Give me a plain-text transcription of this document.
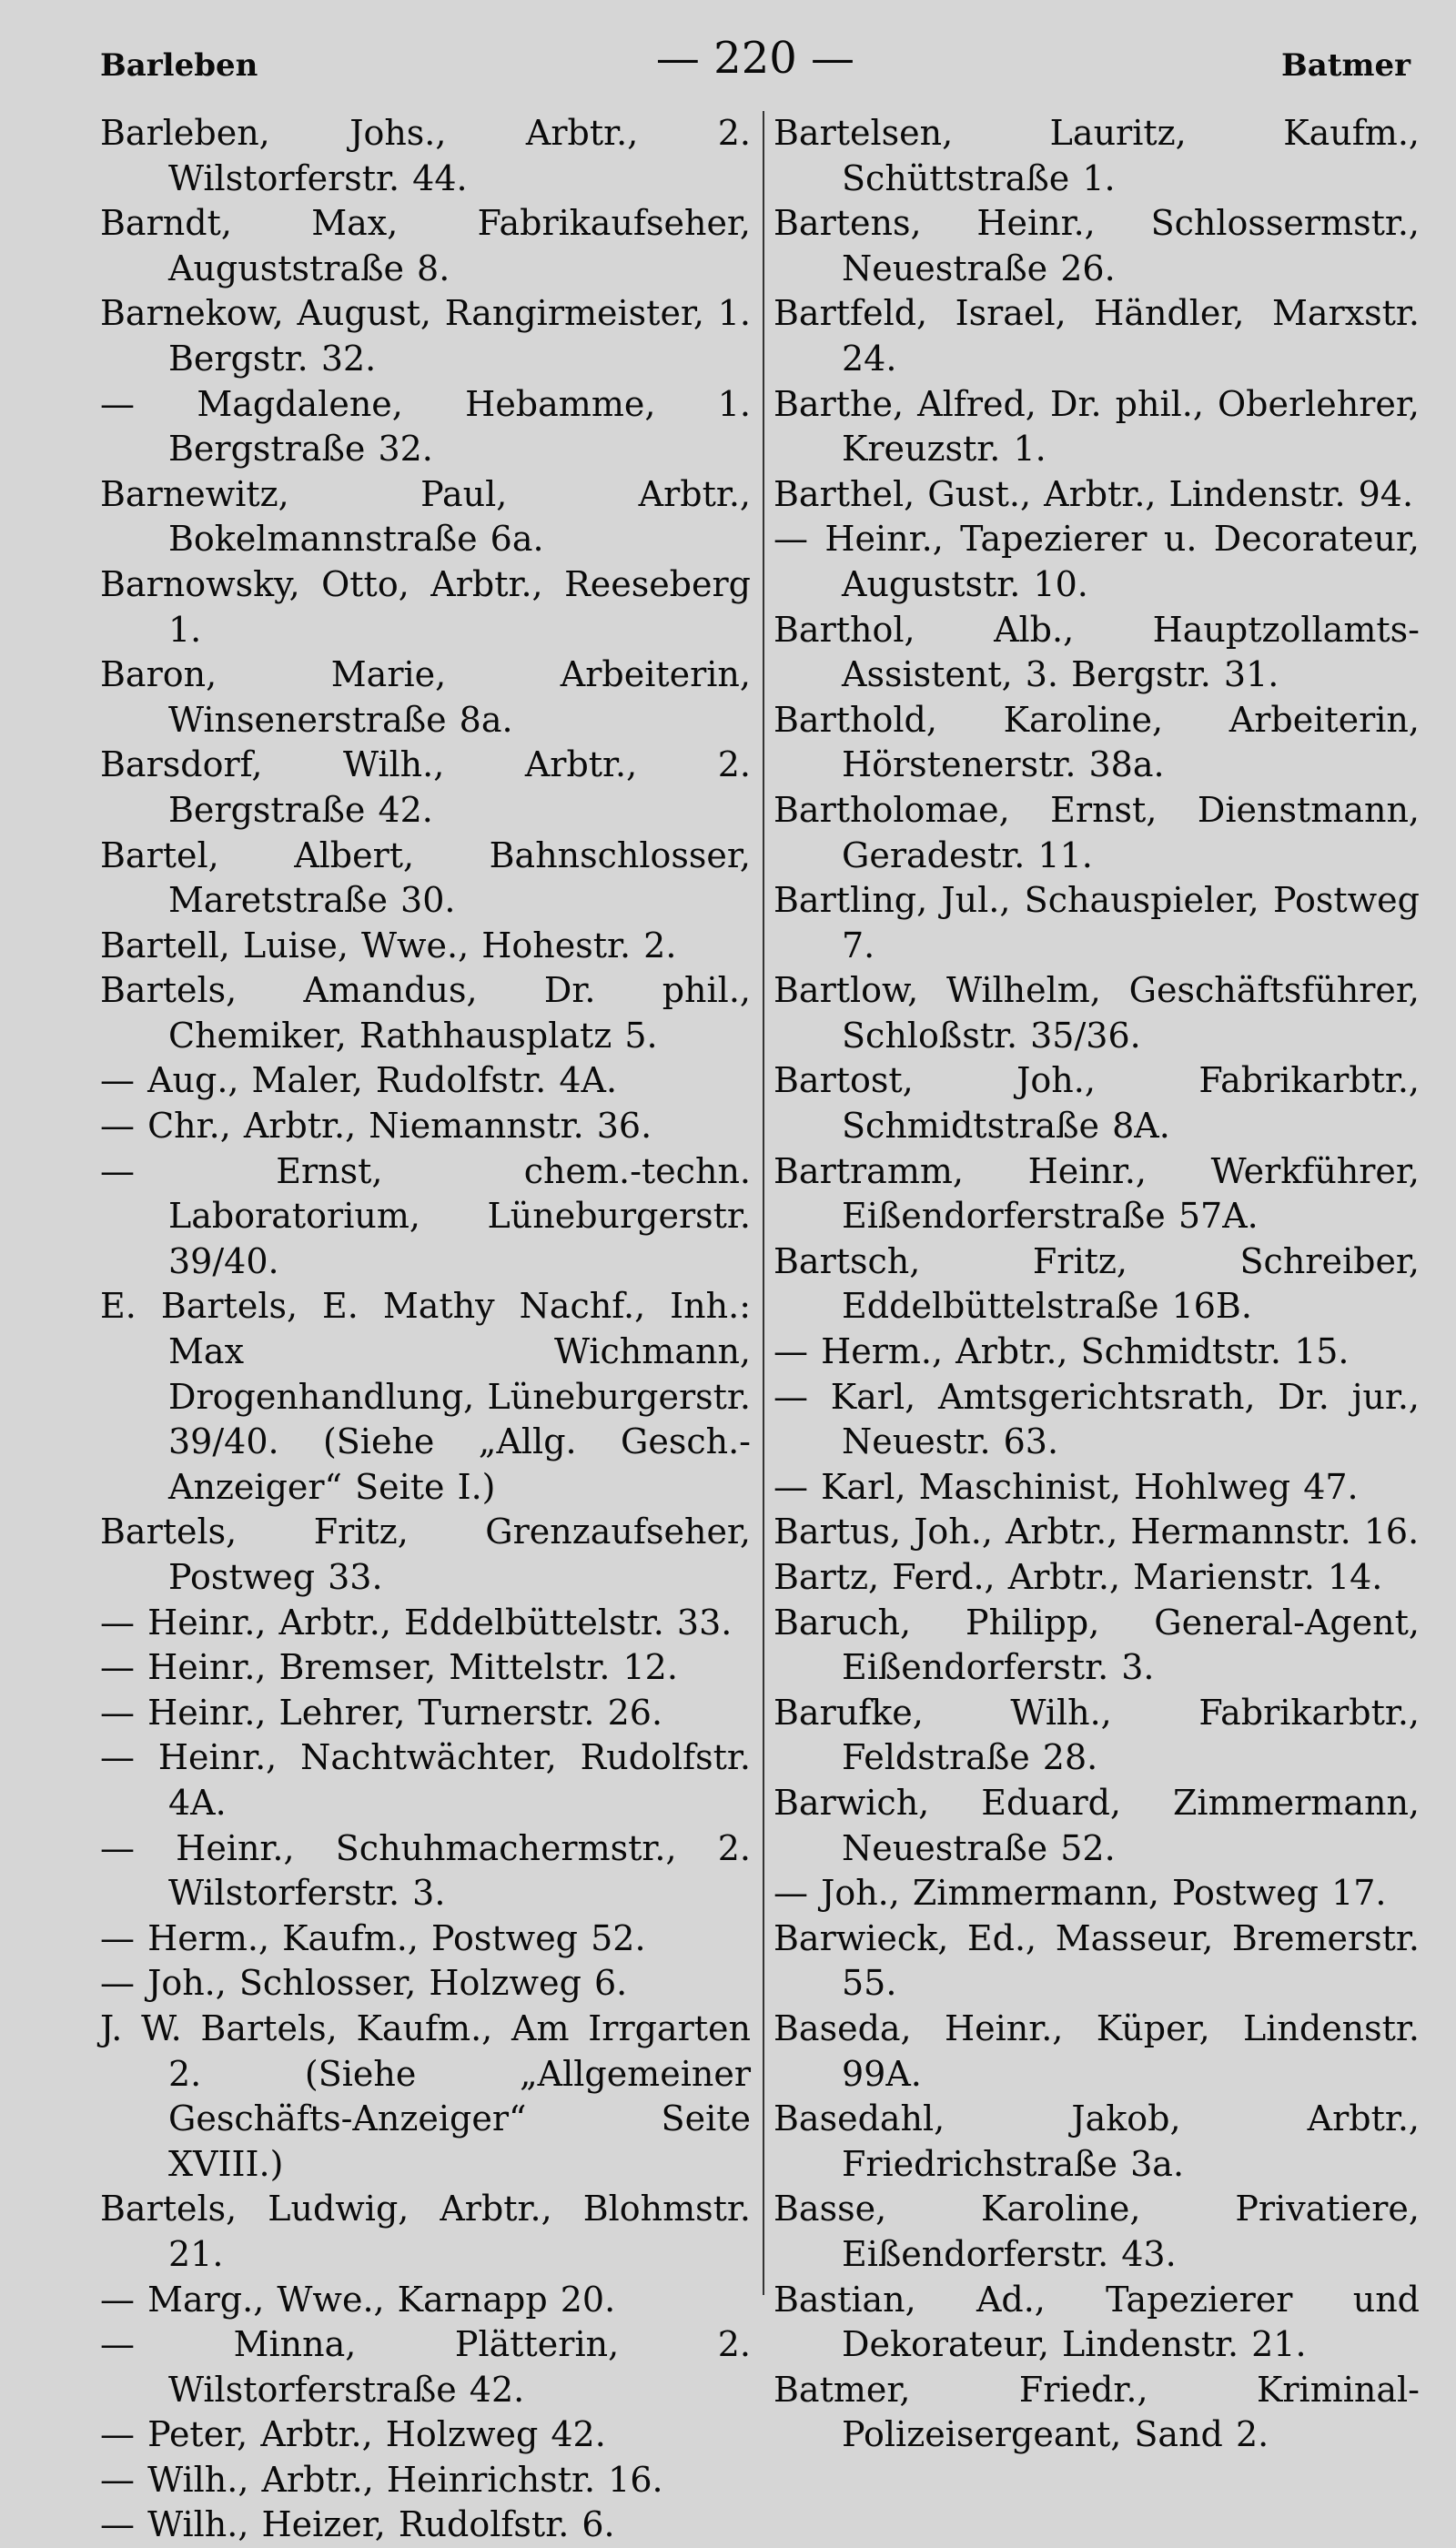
Barleben	— 220 —	Batmer
Barleben, Johs., Arbtr., 2. Wilstorferstr. 44.
Barndt, Max, Fabrikaufseher, Auguststraße 8.
Barnekow, August, Rangirmeister, 1. Bergstr. 32.
— Magdalene, Hebamme, 1. Bergstraße 32.
Barnewitz, Paul, Arbtr., Bokelmannstraße 6a.
Barnowsky, Otto, Arbtr., Reeseberg 1.
Baron, Marie, Arbeiterin, Winsenerstraße 8a.
Barsdorf, Wilh., Arbtr., 2. Bergstraße 42.
Bartel, Albert, Bahnschlosser, Maretstraße 30.
Bartell, Luise, Wwe., Hohestr. 2.
Bartels, Amandus, Dr. phil., Chemiker, Rathhausplatz 5.
— Aug., Maler, Rudolfstr. 4A.
— Chr., Arbtr., Niemannstr. 36.
— Ernst, chem.-techn. Laboratorium, Lüneburgerstr. 39/40.
E. Bartels, E. Mathy Nachf., Inh.: Max Wichmann, Drogenhandlung, Lüneburgerstr. 39/40. (Siehe „Allg. Gesch.-Anzeiger“ Seite I.)
Bartels, Fritz, Grenzaufseher, Postweg 33.
— Heinr., Arbtr., Eddelbüttelstr. 33.
— Heinr., Bremser, Mittelstr. 12.
— Heinr., Lehrer, Turnerstr. 26.
— Heinr., Nachtwächter, Rudolfstr. 4A.
— Heinr., Schuhmachermstr., 2. Wilstorferstr. 3.
— Herm., Kaufm., Postweg 52.
— Joh., Schlosser, Holzweg 6.
J. W. Bartels, Kaufm., Am Irrgarten 2. (Siehe „Allgemeiner Geschäfts-Anzeiger“ Seite XVIII.)
Bartels, Ludwig, Arbtr., Blohmstr. 21.
— Marg., Wwe., Karnapp 20.
— Minna, Plätterin, 2. Wilstorferstraße 42.
— Peter, Arbtr., Holzweg 42.
— Wilh., Arbtr., Heinrichstr. 16.
— Wilh., Heizer, Rudolfstr. 6.
Bartelsen, Lauritz, Kaufm., Schüttstraße 1.
Bartens, Heinr., Schlossermstr., Neuestraße 26.
Bartfeld, Israel, Händler, Marxstr. 24.
Barthe, Alfred, Dr. phil., Oberlehrer, Kreuzstr. 1.
Barthel, Gust., Arbtr., Lindenstr. 94.
— Heinr., Tapezierer u. Decorateur, Auguststr. 10.
Barthol, Alb., Hauptzollamts-Assistent, 3. Bergstr. 31.
Barthold, Karoline, Arbeiterin, Hörstenerstr. 38a.
Bartholomae, Ernst, Dienstmann, Geradestr. 11.
Bartling, Jul., Schauspieler, Postweg 7.
Bartlow, Wilhelm, Geschäftsführer, Schloßstr. 35/36.
Bartost, Joh., Fabrikarbtr., Schmidtstraße 8A.
Bartramm, Heinr., Werkführer, Eißendorferstraße 57A.
Bartsch, Fritz, Schreiber, Eddelbüttelstraße 16B.
— Herm., Arbtr., Schmidtstr. 15.
— Karl, Amtsgerichtsrath, Dr. jur., Neuestr. 63.
— Karl, Maschinist, Hohlweg 47.
Bartus, Joh., Arbtr., Hermannstr. 16.
Bartz, Ferd., Arbtr., Marienstr. 14.
Baruch, Philipp, General-Agent, Eißendorferstr. 3.
Barufke, Wilh., Fabrikarbtr., Feldstraße 28.
Barwich, Eduard, Zimmermann, Neuestraße 52.
— Joh., Zimmermann, Postweg 17.
Barwieck, Ed., Masseur, Bremerstr. 55.
Baseda, Heinr., Küper, Lindenstr. 99A.
Basedahl, Jakob, Arbtr., Friedrichstraße 3a.
Basse, Karoline, Privatiere, Eißendorferstr. 43.
Bastian, Ad., Tapezierer und Dekorateur, Lindenstr. 21.
Batmer, Friedr., Kriminal-Polizeisergeant, Sand 2.
